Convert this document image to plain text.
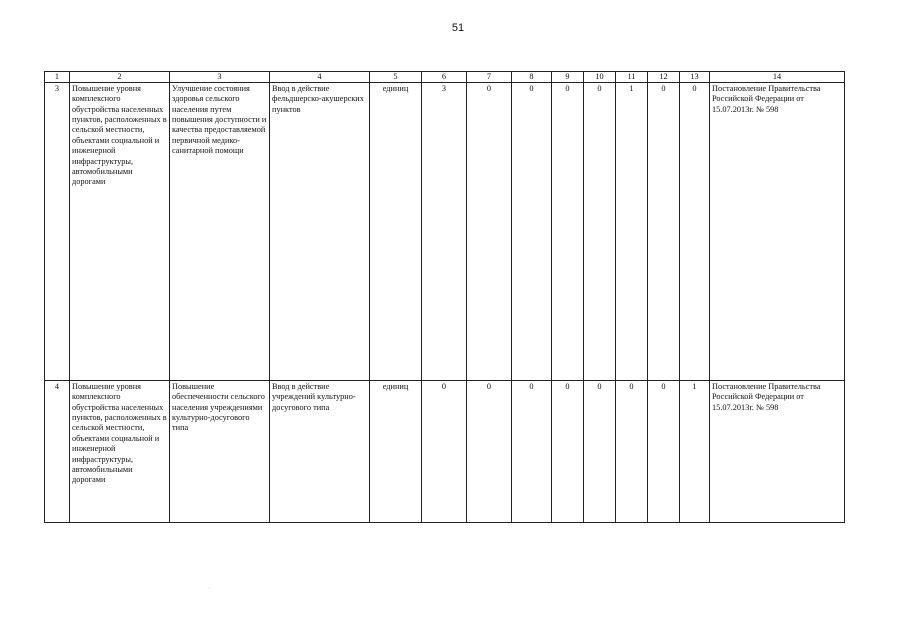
51
1	2	3	4	5	6	7	8	9	10	11	12	13	14
3	Повышение уровня комплексного обустройства населенных пунктов, расположенных в сельской местности, объектами социальной и инженерной инфраструктуры, автомобильными дорогами	Улучшение состояния здоровья сельского населения путем повышения доступности и качества предоставляемой первичной медико-санитарной помощи	Ввод в действие фельдшерско-акушерских пунктов	единиц	3	0	0	0	0	1	0	0	Постановление Правительства Российской Федерации от 15.07.2013г. № 598
4	Повышение уровня комплексного обустройства населенных пунктов, расположенных в сельской местности, объектами социальной и инженерной инфраструктуры, автомобильными дорогами	Повышение обеспеченности сельского населения учреждениями культурно-досугового типа	Ввод в действие учреждений культурно-досугового типа	единиц	0	0	0	0	0	0	0	1	Постановление Правительства Российской Федерации от 15.07.2013г. № 598
·
